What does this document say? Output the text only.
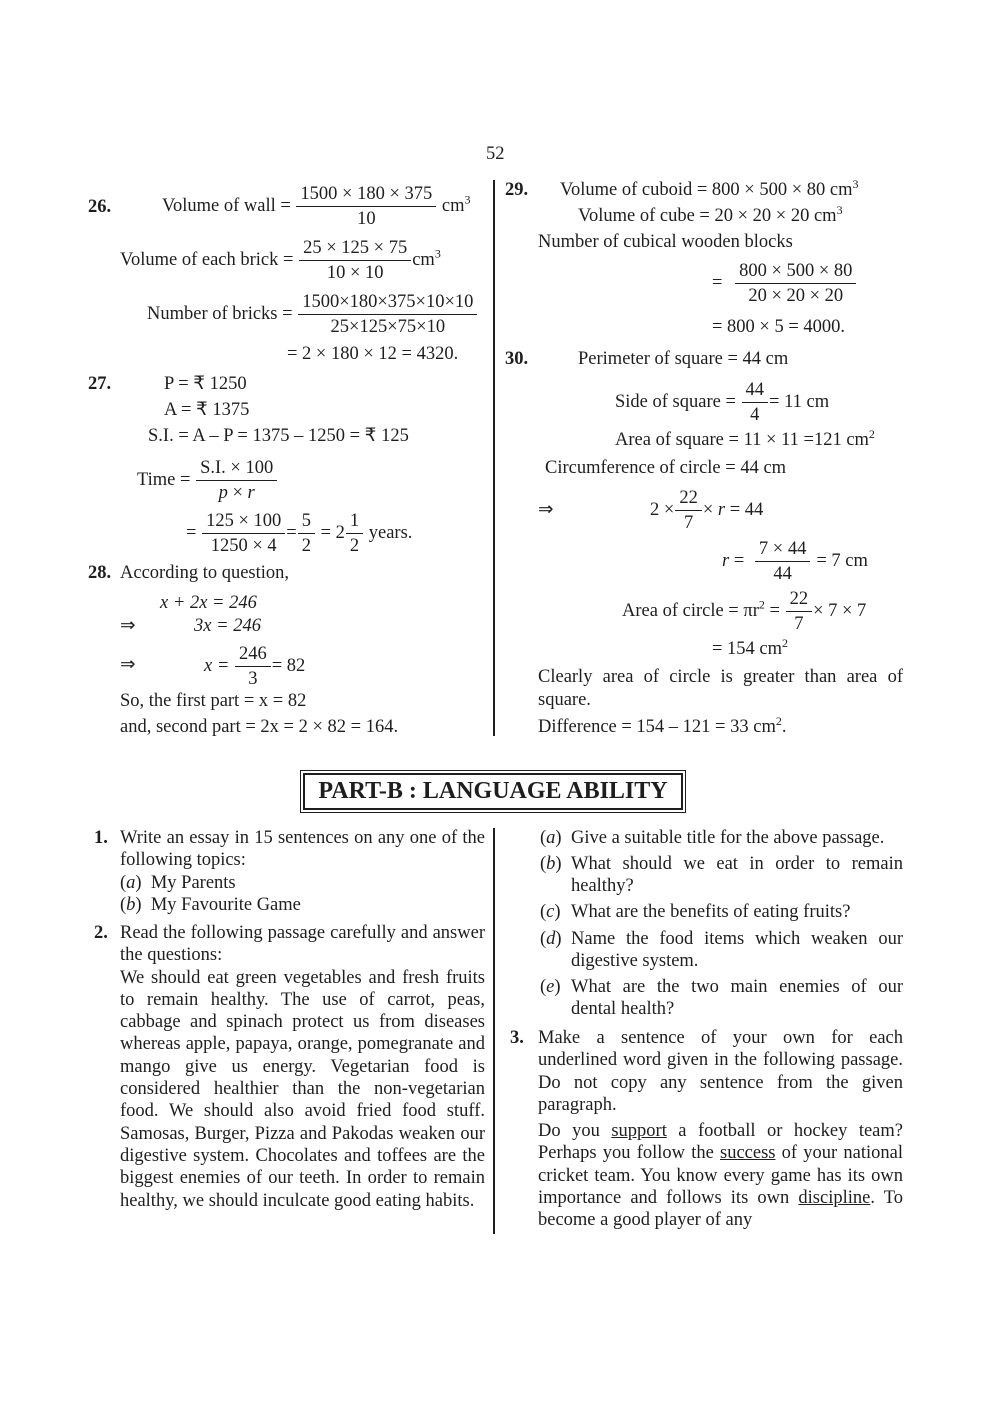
52
26.	Volume of wall = $\frac{1500 \times 180 \times 375}{10} cm^3$
Volume of each brick = $\frac{25 \times 125 \times 75}{10 \times 10} cm^3$
Number of bricks = $\frac{1500\times 180\times 375\times 10\times 10}{25\times 125\times 75\times 10}$
= 2 × 180 × 12 = 4320.
27.	P = ₹ 1250
A = ₹ 1375
S.I. = A – P = 1375 – 1250 = ₹ 125
Time = $\frac{S.I. \times 100}{p \times r}$
= $\frac{125 \times 100}{1250 \times 4} = \frac{5}{2} = 2 \frac{1}{2}$ years.
28. According to question,
x + 2x = 246
⇒	3x = 246
⇒	$x = \frac{246}{3} = 82$
So, the first part = x = 82
and, second part = 2x = 2 × 82 = 164.
29. Volume of cuboid = 800 × 500 × 80 $cm^3$
Volume of cube = 20 × 20 × 20 $cm^3$
Number of cubical wooden blocks
= $\frac{800 \times 500 \times 80}{20 \times 20 \times 20}$
= 800 × 5 = 4000.
30.	Perimeter of square = 44 cm
Side of square = $\frac{44}{4} = 11$ cm
Area of square = 11 × 11 =121 $cm^2$
Circumference of circle = 44 cm
⇒	$2 \times \frac{22}{7} \times r = 44$
$r = \frac{7 \times 44}{44} = 7$ cm
Area of circle = $\pi r^2 = \frac{22}{7} \times 7 \times 7$
= 154 $cm^2$
Clearly area of circle is greater than area of square.
Difference = 154 – 121 = 33 $cm^2$.
PART-B : LANGUAGE ABILITY
1. Write an essay in 15 sentences on any one of the following topics:
(a)  My Parents
(b)  My Favourite Game
2. Read the following passage carefully and answer the questions:
We should eat green vegetables and fresh fruits to remain healthy. The use of carrot, peas, cabbage and spinach protect us from diseases whereas apple, papaya, orange, pomegranate and mango give us energy. Vegetarian food is considered healthier than the non-vegetarian food. We should also avoid fried food stuff. Samosas, Burger, Pizza and Pakodas weaken our digestive system. Chocolates and toffees are the biggest enemies of our teeth. In order to remain healthy, we should inculcate good eating habits.
(a) Give a suitable title for the above passage.
(b) What should we eat in order to remain healthy?
(c) What are the benefits of eating fruits?
(d) Name the food items which weaken our digestive system.
(e) What are the two main enemies of our dental health?
3. Make a sentence of your own for each underlined word given in the following passage. Do not copy any sentence from the given paragraph.
Do you support a football or hockey team? Perhaps you follow the success of your national cricket team. You know every game has its own importance and follows its own discipline. To become a good player of any
